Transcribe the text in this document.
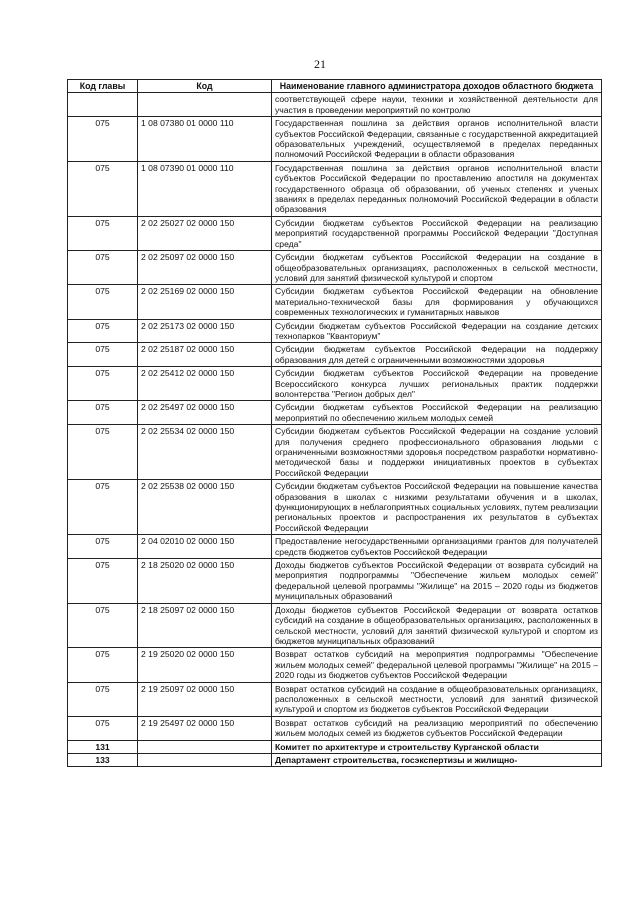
21
Код главы	Код	Наименование главного администратора доходов областного бюджета
		соответствующей сфере науки, техники и хозяйственной деятельности для участия в проведении мероприятий по контролю
075	1 08 07380 01 0000 110	Государственная пошлина за действия органов исполнительной власти субъектов Российской Федерации, связанные с государственной аккредитацией образовательных учреждений, осуществляемой в пределах переданных полномочий Российской Федерации в области образования
075	1 08 07390 01 0000 110	Государственная пошлина за действия органов исполнительной власти субъектов Российской Федерации по проставлению апостиля на документах государственного образца об образовании, об ученых степенях и ученых званиях в пределах переданных полномочий Российской Федерации в области образования
075	2 02 25027 02 0000 150	Субсидии бюджетам субъектов Российской Федерации на реализацию мероприятий государственной программы Российской Федерации "Доступная среда"
075	2 02 25097 02 0000 150	Субсидии бюджетам субъектов Российской Федерации на создание в общеобразовательных организациях, расположенных в сельской местности, условий для занятий физической культурой и спортом
075	2 02 25169 02 0000 150	Субсидии бюджетам субъектов Российской Федерации на обновление материально-технической базы для формирования у обучающихся современных технологических и гуманитарных навыков
075	2 02 25173 02 0000 150	Субсидии бюджетам субъектов Российской Федерации на создание детских технопарков "Кванториум"
075	2 02 25187 02 0000 150	Субсидии бюджетам субъектов Российской Федерации на поддержку образования для детей с ограниченными возможностями здоровья
075	2 02 25412 02 0000 150	Субсидии бюджетам субъектов Российской Федерации на проведение Всероссийского конкурса лучших региональных практик поддержки волонтерства "Регион добрых дел"
075	2 02 25497 02 0000 150	Субсидии бюджетам субъектов Российской Федерации на реализацию мероприятий по обеспечению жильем молодых семей
075	2 02 25534 02 0000 150	Субсидии бюджетам субъектов Российской Федерации на создание условий для получения среднего профессионального образования людьми с ограниченными возможностями здоровья посредством разработки нормативно-методической базы и поддержки инициативных проектов в субъектах Российской Федерации
075	2 02 25538 02 0000 150	Субсидии бюджетам субъектов Российской Федерации на повышение качества образования в школах с низкими результатами обучения и в школах, функционирующих в неблагоприятных социальных условиях, путем реализации региональных проектов и распространения их результатов в субъектах Российской Федерации
075	2 04 02010 02 0000 150	Предоставление негосударственными организациями грантов для получателей средств бюджетов субъектов Российской Федерации
075	2 18 25020 02 0000 150	Доходы бюджетов субъектов Российской Федерации от возврата субсидий на мероприятия подпрограммы "Обеспечение жильем молодых семей" федеральной целевой программы "Жилище" на 2015 – 2020 годы из бюджетов муниципальных образований
075	2 18 25097 02 0000 150	Доходы бюджетов субъектов Российской Федерации от возврата остатков субсидий на создание в общеобразовательных организациях, расположенных в сельской местности, условий для занятий физической культурой и спортом из бюджетов муниципальных образований
075	2 19 25020 02 0000 150	Возврат остатков субсидий на мероприятия подпрограммы "Обеспечение жильем молодых семей" федеральной целевой программы "Жилище" на 2015 – 2020 годы из бюджетов субъектов Российской Федерации
075	2 19 25097 02 0000 150	Возврат остатков субсидий на создание в общеобразовательных организациях, расположенных в сельской местности, условий для занятий физической культурой и спортом из бюджетов субъектов Российской Федерации
075	2 19 25497 02 0000 150	Возврат остатков субсидий на реализацию мероприятий по обеспечению жильем молодых семей из бюджетов субъектов Российской Федерации
131		Комитет по архитектуре и строительству Курганской области
133		Департамент строительства, госэкспертизы и жилищно-
